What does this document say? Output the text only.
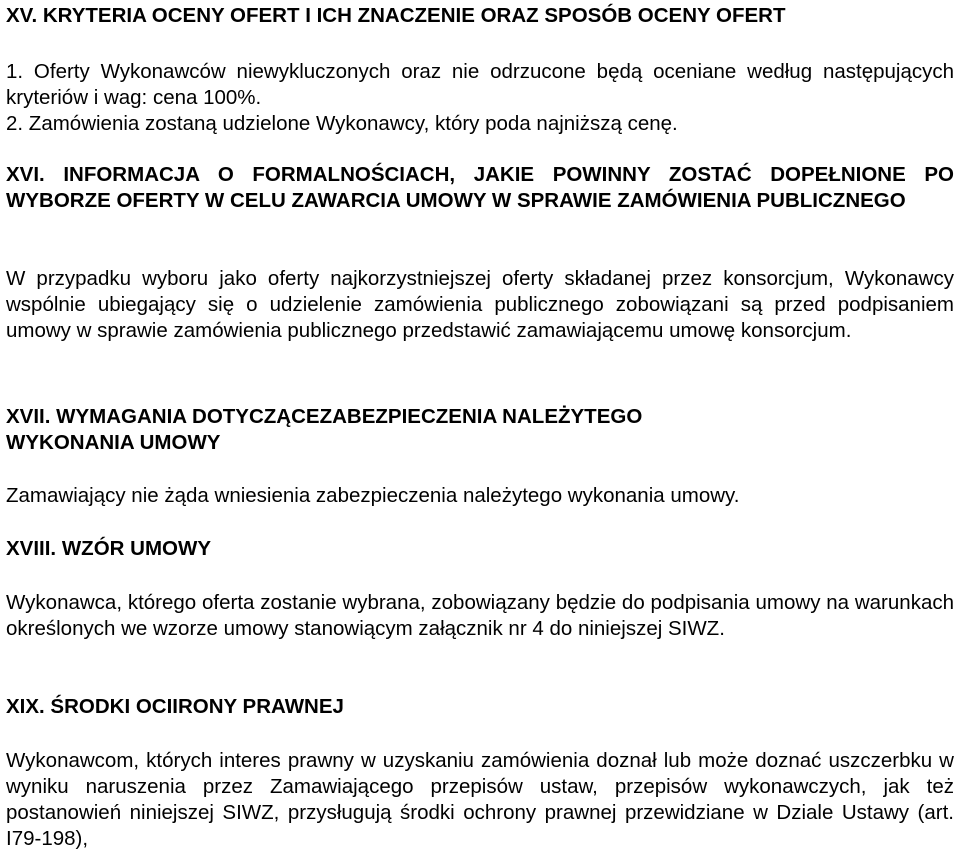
XV. KRYTERIA OCENY OFERT I ICH ZNACZENIE ORAZ SPOSÓB OCENY OFERT

1. Oferty Wykonawców niewykluczonych oraz nie odrzucone będą oceniane według następujących kryteriów i wag: cena 100%.

2. Zamówienia zostaną udzielone Wykonawcy, który poda najniższą cenę.

XVI. INFORMACJA O FORMALNOŚCIACH, JAKIE POWINNY ZOSTAĆ DOPEŁNIONE PO WYBORZE OFERTY W CELU ZAWARCIA UMOWY W SPRAWIE ZAMÓWIENIA PUBLICZNEGO

W przypadku wyboru jako oferty najkorzystniejszej oferty składanej przez konsorcjum, Wykonawcy wspólnie ubiegający się o udzielenie zamówienia publicznego zobowiązani są przed podpisaniem umowy w sprawie zamówienia publicznego przedstawić zamawiającemu umowę konsorcjum.

XVII. WYMAGANIA DOTYCZĄCEZABEZPIECZENIA NALEŻYTEGO WYKONANIA UMOWY

Zamawiający nie żąda wniesienia zabezpieczenia należytego wykonania umowy.

XVIII. WZÓR UMOWY

Wykonawca, którego oferta zostanie wybrana, zobowiązany będzie do podpisania umowy na warunkach określonych we wzorze umowy stanowiącym załącznik nr 4 do niniejszej SIWZ.

XIX. ŚRODKI OCIIRONY PRAWNEJ

Wykonawcom, których interes prawny w uzyskaniu zamówienia doznał lub może doznać uszczerbku w wyniku naruszenia przez Zamawiającego przepisów ustaw, przepisów wykonawczych, jak też postanowień niniejszej SIWZ, przysługują środki ochrony prawnej przewidziane w Dziale Ustawy (art. I79-198),
